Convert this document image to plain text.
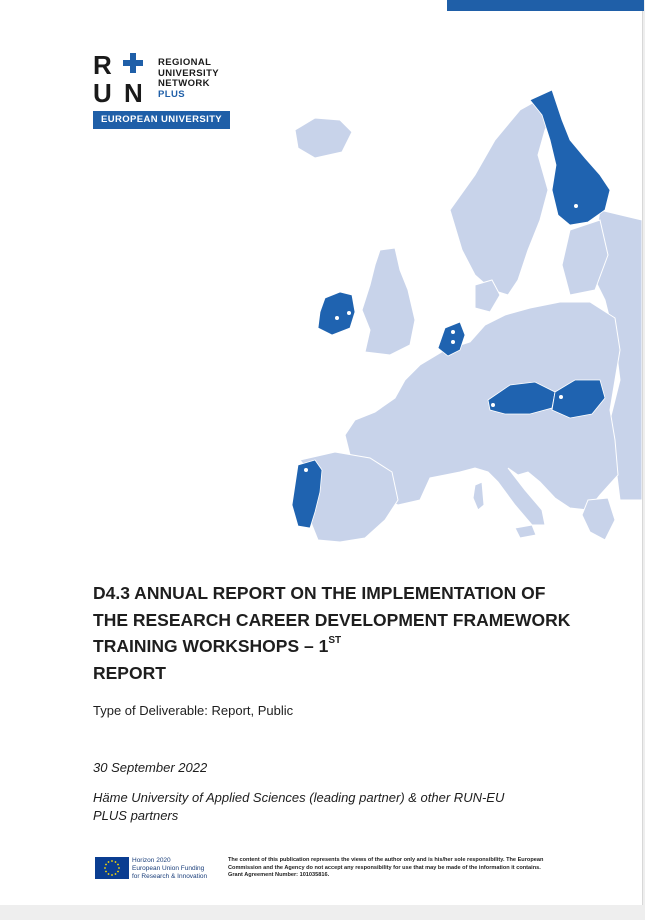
R
U N
REGIONAL
UNIVERSITY
NETWORK
PLUS
EUROPEAN UNIVERSITY
D4.3 ANNUAL REPORT ON THE IMPLEMENTATION OF THE RESEARCH CAREER DEVELOPMENT FRAMEWORK TRAINING WORKSHOPS – 1ST
REPORT
Type of Deliverable: Report, Public
30 September 2022
Häme University of Applied Sciences (leading partner) & other RUN-EU PLUS partners
Horizon 2020
European Union Funding
for Research & Innovation
The content of this publication represents the views of the author only and is his/her sole responsibility. The European
Commission and the Agency do not accept any responsibility for use that may be made of the information it contains.
Grant Agreement Number: 101035816.
